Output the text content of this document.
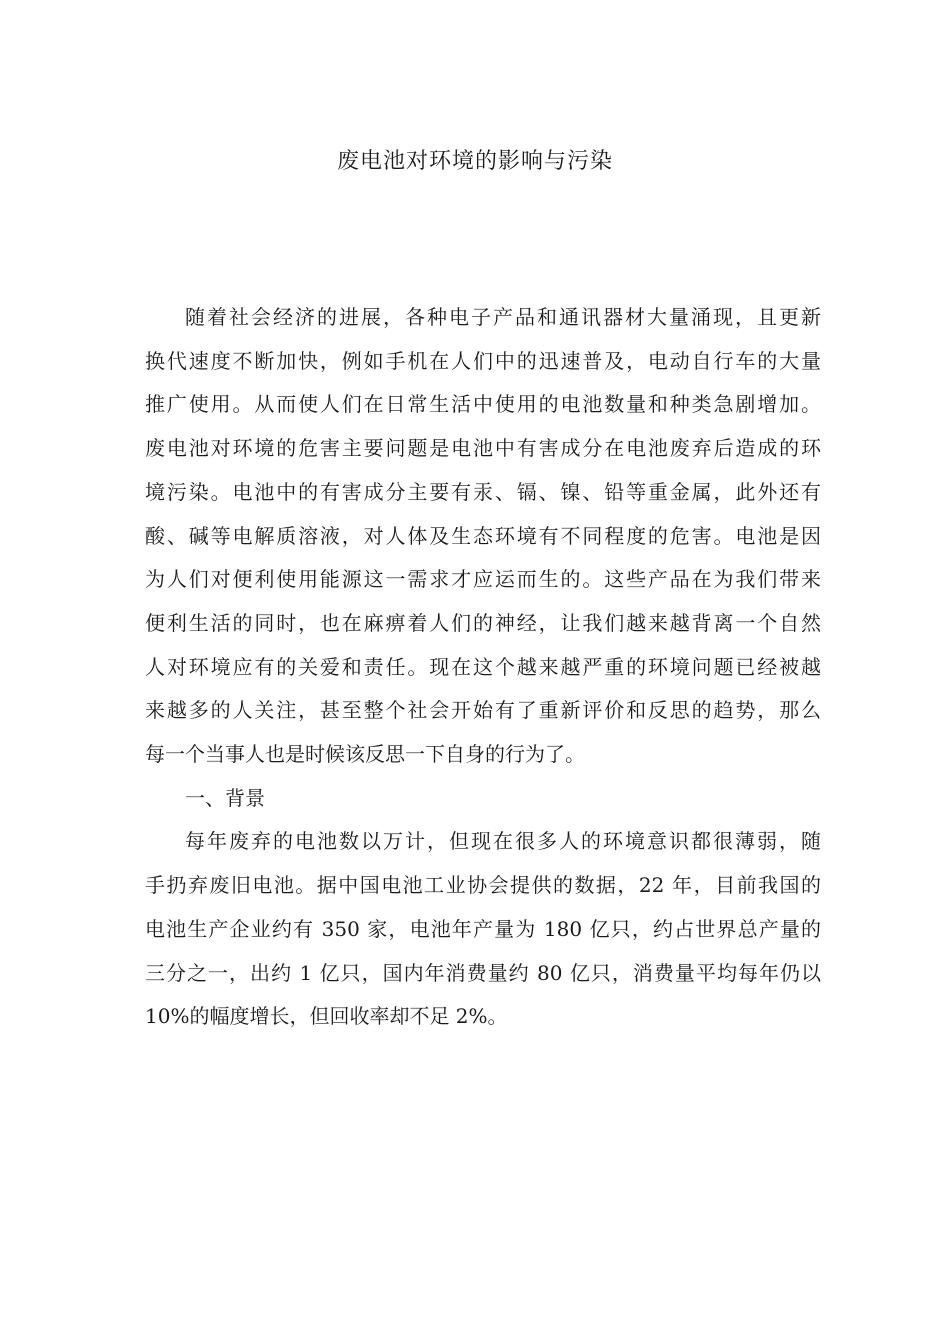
废电池对环境的影响与污染
随着社会经济的进展，各种电子产品和通讯器材大量涌现，且更新
换代速度不断加快，例如手机在人们中的迅速普及，电动自行车的大量
推广使用。从而使人们在日常生活中使用的电池数量和种类急剧增加。
废电池对环境的危害主要问题是电池中有害成分在电池废弃后造成的环
境污染。电池中的有害成分主要有汞、镉、镍、铅等重金属，此外还有
酸、碱等电解质溶液，对人体及生态环境有不同程度的危害。电池是因
为人们对便利使用能源这一需求才应运而生的。这些产品在为我们带来
便利生活的同时，也在麻痹着人们的神经，让我们越来越背离一个自然
人对环境应有的关爱和责任。现在这个越来越严重的环境问题已经被越
来越多的人关注，甚至整个社会开始有了重新评价和反思的趋势，那么
每一个当事人也是时候该反思一下自身的行为了。
一、背景
每年废弃的电池数以万计，但现在很多人的环境意识都很薄弱，随
手扔弃废旧电池。据中国电池工业协会提供的数据，22 年，目前我国的
电池生产企业约有 350 家，电池年产量为 180 亿只，约占世界总产量的
三分之一，出约 1 亿只，国内年消费量约 80 亿只，消费量平均每年仍以
10%的幅度增长，但回收率却不足 2%。
